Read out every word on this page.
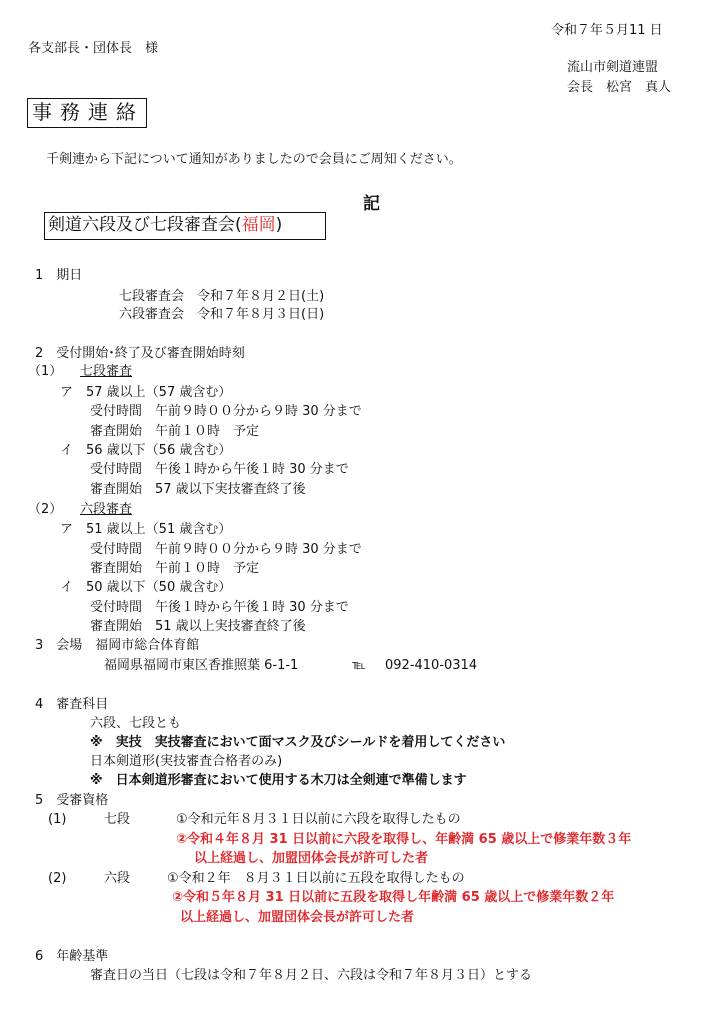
令和７年５月11 日
各支部長・団体長　様
流山市剣道連盟
会長　松宮　真人
事務連絡
千剣連から下記について通知がありましたので会員にご周知ください。
記
剣道六段及び七段審査会(福岡)
1　期日
七段審査会　令和７年８月２日(土)
六段審査会　令和７年８月３日(日)
2　受付開始･終了及び審査開始時刻
（1） 七段審査
ア　57 歳以上（57 歳含む）
受付時間　午前９時００分から９時 30 分まで
審査開始　午前１０時　予定
イ　56 歳以下（56 歳含む）
受付時間　午後１時から午後１時 30 分まで
審査開始　57 歳以下実技審査終了後
（2） 六段審査
ア　51 歳以上（51 歳含む）
受付時間　午前９時００分から９時 30 分まで
審査開始　午前１０時　予定
イ　50 歳以下（50 歳含む）
受付時間　午後１時から午後１時 30 分まで
審査開始　51 歳以上実技審査終了後
3　会場　福岡市総合体育館
福岡県福岡市東区香推照葉 6-1-1	℡ 092-410-0314
4　審査科目
六段、七段とも
※　実技　実技審査において面マスク及びシールドを着用してください
日本剣道形(実技審査合格者のみ)
※　日本剣道形審査において使用する木刀は全剣連で準備します
5　受審資格
(1)	七段	①令和元年８月３１日以前に六段を取得したもの
②令和４年８月 31 日以前に六段を取得し、年齢満 65 歳以上で修業年数３年
以上経過し、加盟団体会長が許可した者
(2)	六段	①令和２年　８月３１日以前に五段を取得したもの
②令和５年８月 31 日以前に五段を取得し年齢満 65 歳以上で修業年数２年
以上経過し、加盟団体会長が許可した者
6　年齢基準
審査日の当日（七段は令和７年８月２日、六段は令和７年８月３日）とする
